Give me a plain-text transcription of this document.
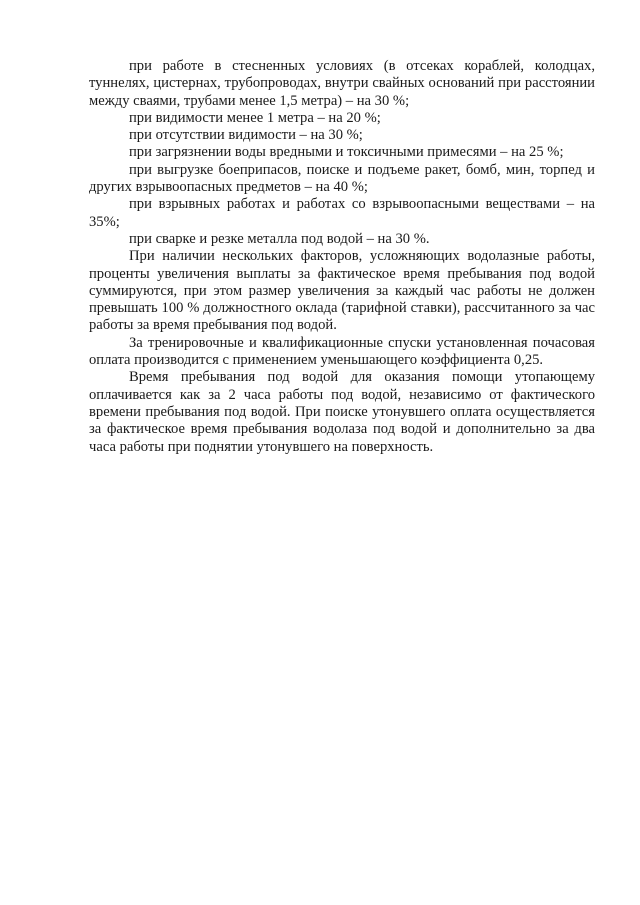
при работе в стесненных условиях (в отсеках кораблей, колодцах, туннелях, цистернах, трубопроводах, внутри свайных оснований при расстоянии между сваями, трубами менее 1,5 метра) – на 30 %;

при видимости менее 1 метра – на 20 %;

при отсутствии видимости – на 30 %;

при загрязнении воды вредными и токсичными примесями – на 25 %;

при выгрузке боеприпасов, поиске и подъеме ракет, бомб, мин, торпед и других взрывоопасных предметов – на 40 %;

при взрывных работах и работах со взрывоопасными веществами – на 35%;

при сварке и резке металла под водой – на 30 %.

При наличии нескольких факторов, усложняющих водолазные работы, проценты увеличения выплаты за фактическое время пребывания под водой суммируются, при этом размер увеличения за каждый час работы не должен превышать 100 % должностного оклада (тарифной ставки), рассчитанного за час работы за время пребывания под водой.

За тренировочные и квалификационные спуски установленная почасовая оплата производится с применением уменьшающего коэффициента 0,25.

Время пребывания под водой для оказания помощи утопающему оплачивается как за 2 часа работы под водой, независимо от фактического времени пребывания под водой. При поиске утонувшего оплата осуществляется за фактическое время пребывания водолаза под водой и дополнительно за два часа работы при поднятии утонувшего на поверхность.
